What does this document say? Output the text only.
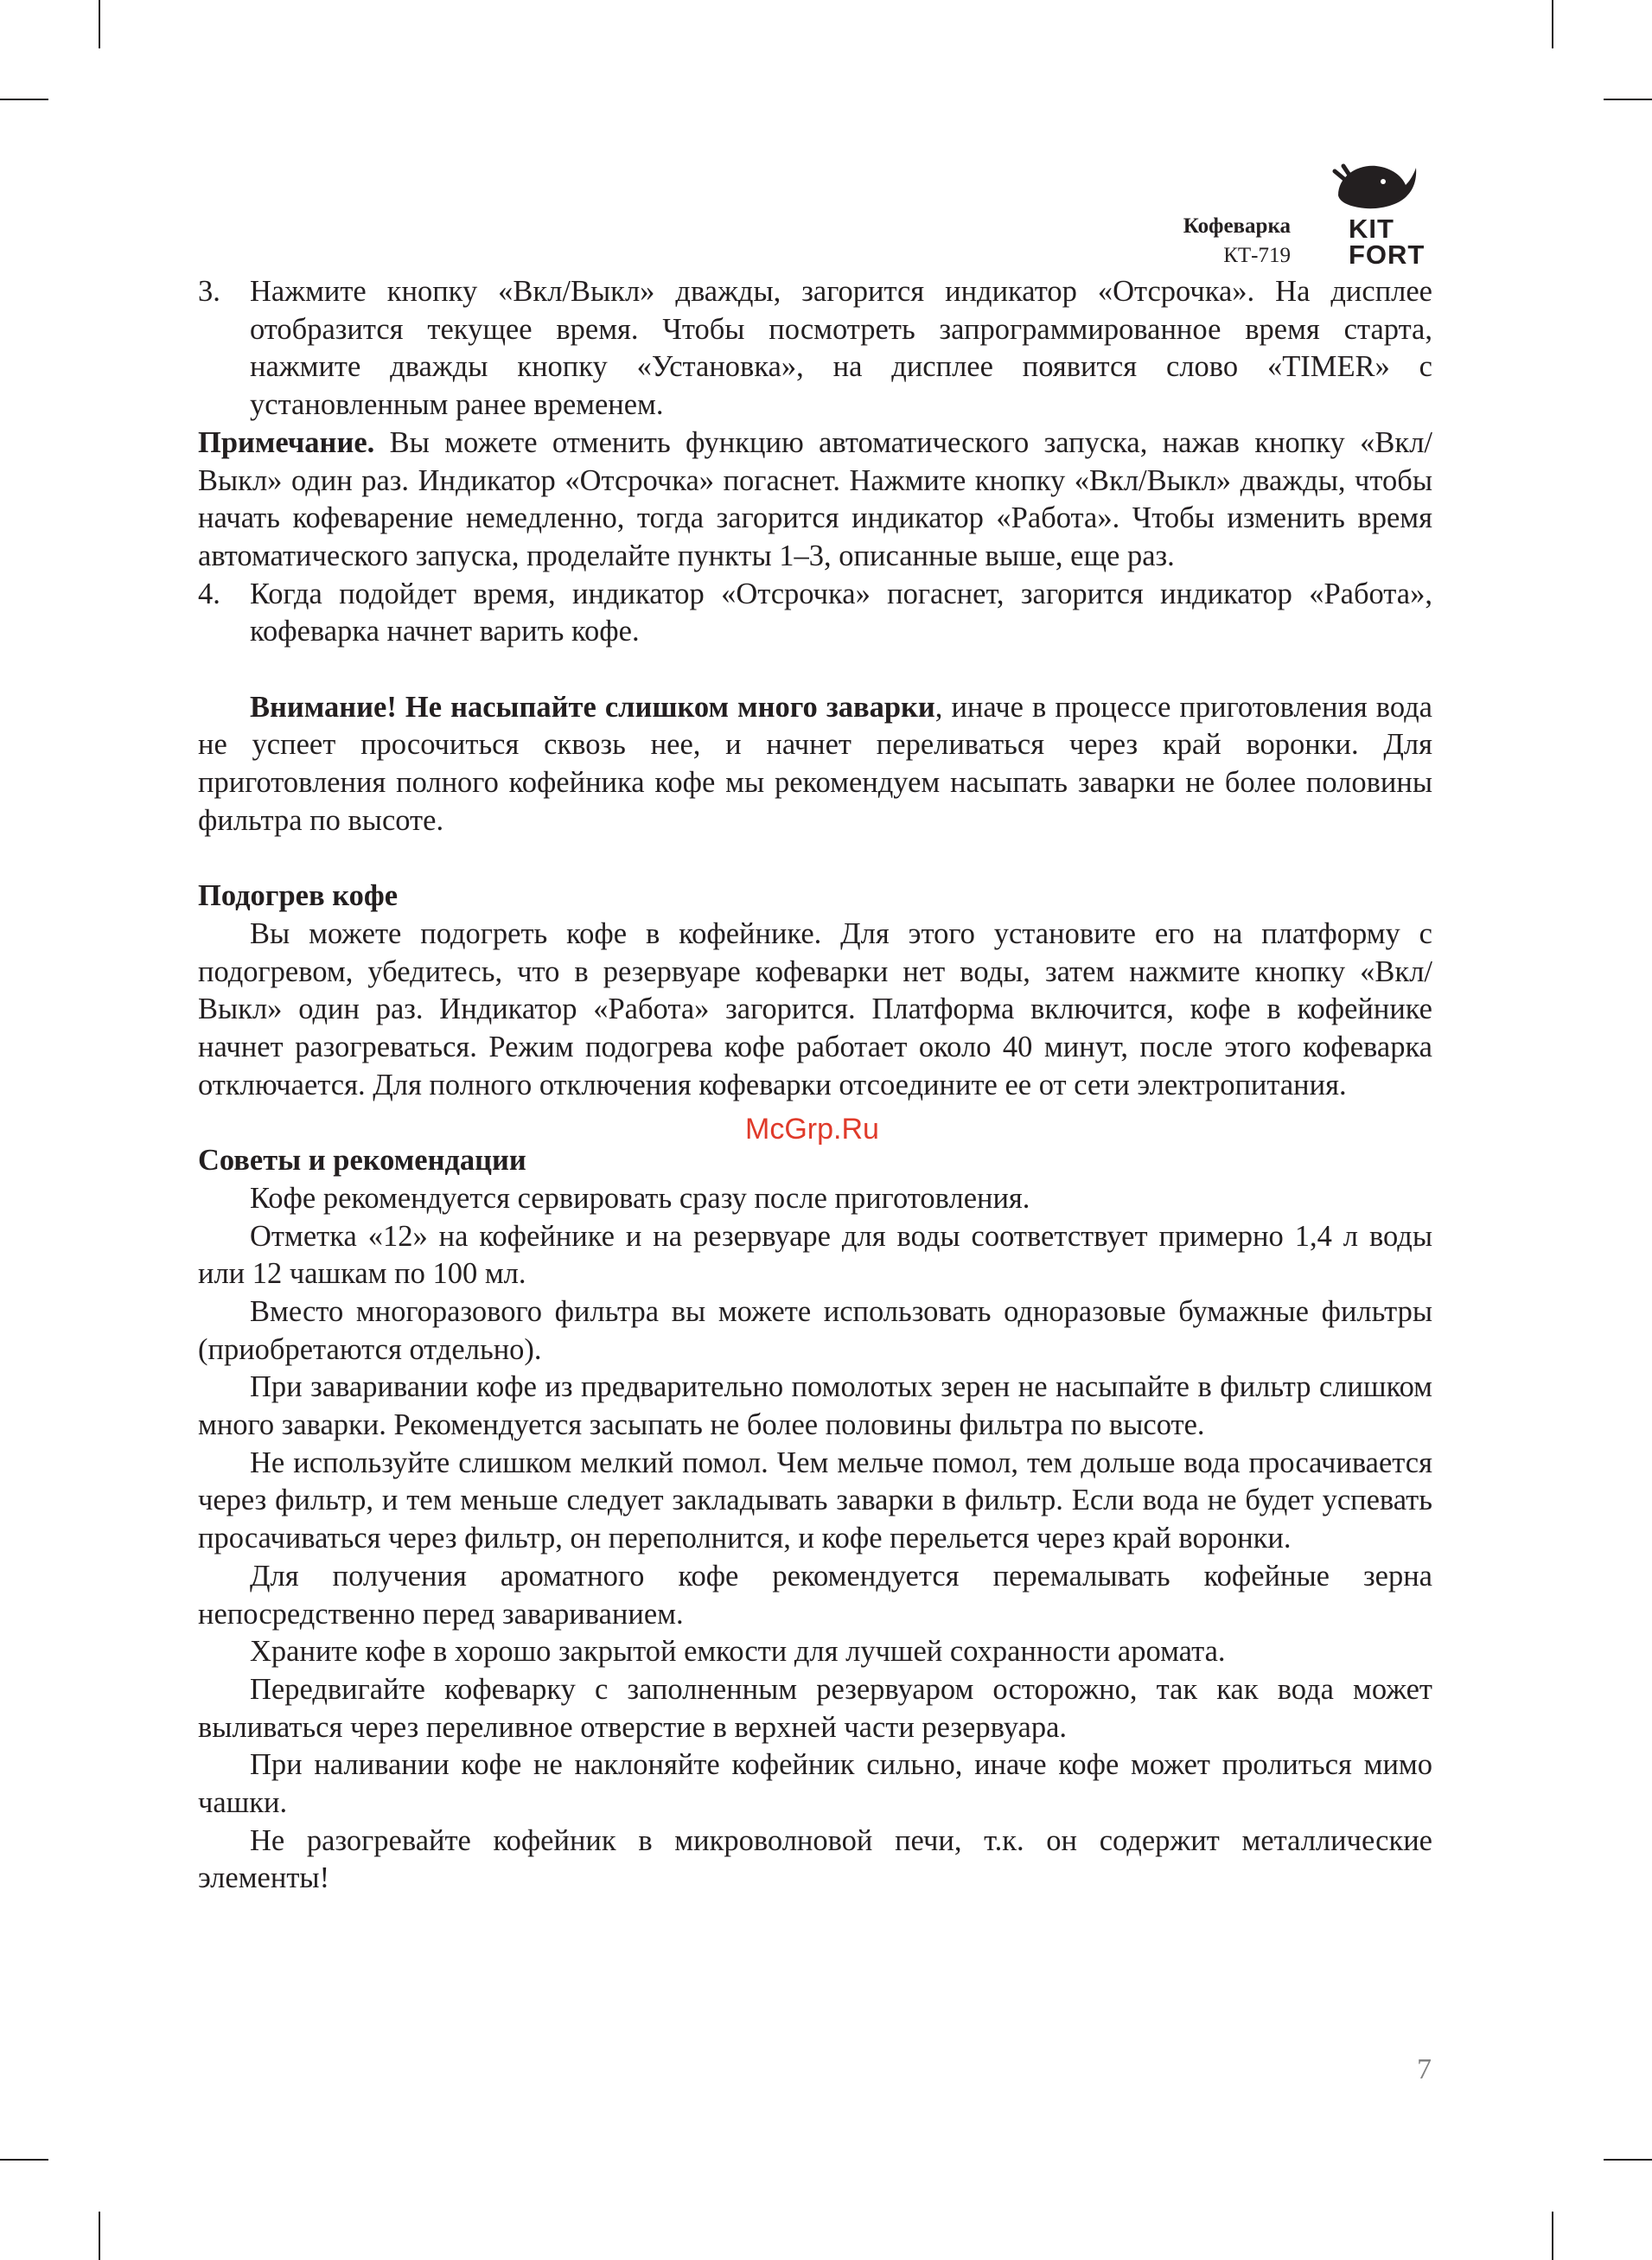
Кофеварка
КТ-719
KIT
FORT
3. Нажмите кнопку «Вкл/Выкл» дважды, загорится индикатор «Отсрочка». На дисплее отобразится текущее время. Чтобы посмотреть запрограммированное время старта, нажмите дважды кнопку «Установка», на дисплее появится слово «TIMER» с установленным ранее временем.

Примечание. Вы можете отменить функцию автоматического запуска, нажав кнопку «Вкл/Выкл» один раз. Индикатор «Отсрочка» погаснет. Нажмите кнопку «Вкл/Выкл» дважды, чтобы начать кофеварение немедленно, тогда загорится индикатор «Работа». Чтобы изменить время автоматического запуска, проделайте пункты 1–3, описанные выше, еще раз.

4. Когда подойдет время, индикатор «Отсрочка» погаснет, загорится индикатор «Работа», кофеварка начнет варить кофе.

Внимание! Не насыпайте слишком много заварки, иначе в процессе приготовления вода не успеет просочиться сквозь нее, и начнет переливаться через край воронки. Для приготовления полного кофейника кофе мы рекомендуем насыпать заварки не более половины фильтра по высоте.

Подогрев кофе

Вы можете подогреть кофе в кофейнике. Для этого установите его на платформу с подогревом, убедитесь, что в резервуаре кофеварки нет воды, затем нажмите кнопку «Вкл/Выкл» один раз. Индикатор «Работа» загорится. Платформа включится, кофе в кофейнике начнет разогреваться. Режим подогрева кофе работает около 40 минут, после этого кофеварка отключается. Для полного отключения кофеварки отсоедините ее от сети электропитания.

Советы и рекомендации

Кофе рекомендуется сервировать сразу после приготовления.

Отметка «12» на кофейнике и на резервуаре для воды соответствует примерно 1,4 л воды или 12 чашкам по 100 мл.

Вместо многоразового фильтра вы можете использовать одноразовые бумажные фильтры (приобретаются отдельно).

При заваривании кофе из предварительно помолотых зерен не насыпайте в фильтр слишком много заварки. Рекомендуется засыпать не более половины фильтра по высоте.

Не используйте слишком мелкий помол. Чем мельче помол, тем дольше вода просачивается через фильтр, и тем меньше следует закладывать заварки в фильтр. Если вода не будет успевать просачиваться через фильтр, он переполнится, и кофе перельется через край воронки.

Для получения ароматного кофе рекомендуется перемалывать кофейные зерна непосредственно перед завариванием.

Храните кофе в хорошо закрытой емкости для лучшей сохранности аромата.

Передвигайте кофеварку с заполненным резервуаром осторожно, так как вода может выливаться через переливное отверстие в верхней части резервуара.

При наливании кофе не наклоняйте кофейник сильно, иначе кофе может пролиться мимо чашки.

Не разогревайте кофейник в микроволновой печи, т.к. он содержит металлические элементы!

McGrp.Ru
7
